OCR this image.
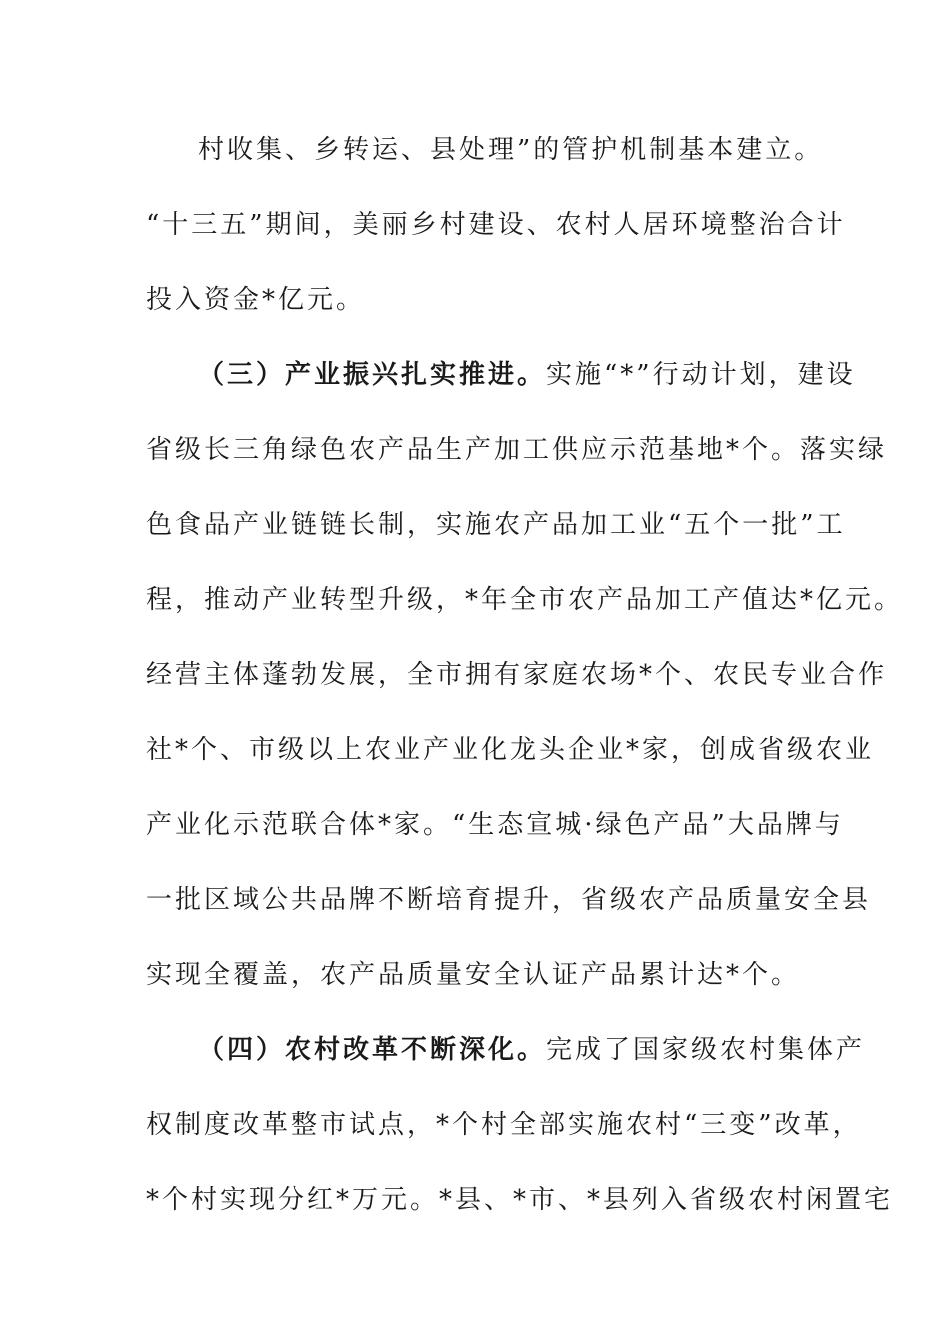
村收集、乡转运、县处理”的管护机制基本建立。
“十三五”期间，美丽乡村建设、农村人居环境整治合计
投入资金*亿元。
（三）产业振兴扎实推进。实施“*”行动计划，建设
省级长三角绿色农产品生产加工供应示范基地*个。落实绿
色食品产业链链长制，实施农产品加工业“五个一批”工
程，推动产业转型升级，*年全市农产品加工产值达*亿元。
经营主体蓬勃发展，全市拥有家庭农场*个、农民专业合作
社*个、市级以上农业产业化龙头企业*家，创成省级农业
产业化示范联合体*家。“生态宣城·绿色产品”大品牌与
一批区域公共品牌不断培育提升，省级农产品质量安全县
实现全覆盖，农产品质量安全认证产品累计达*个。
（四）农村改革不断深化。完成了国家级农村集体产
权制度改革整市试点，*个村全部实施农村“三变”改革，
*个村实现分红*万元。*县、*市、*县列入省级农村闲置宅
